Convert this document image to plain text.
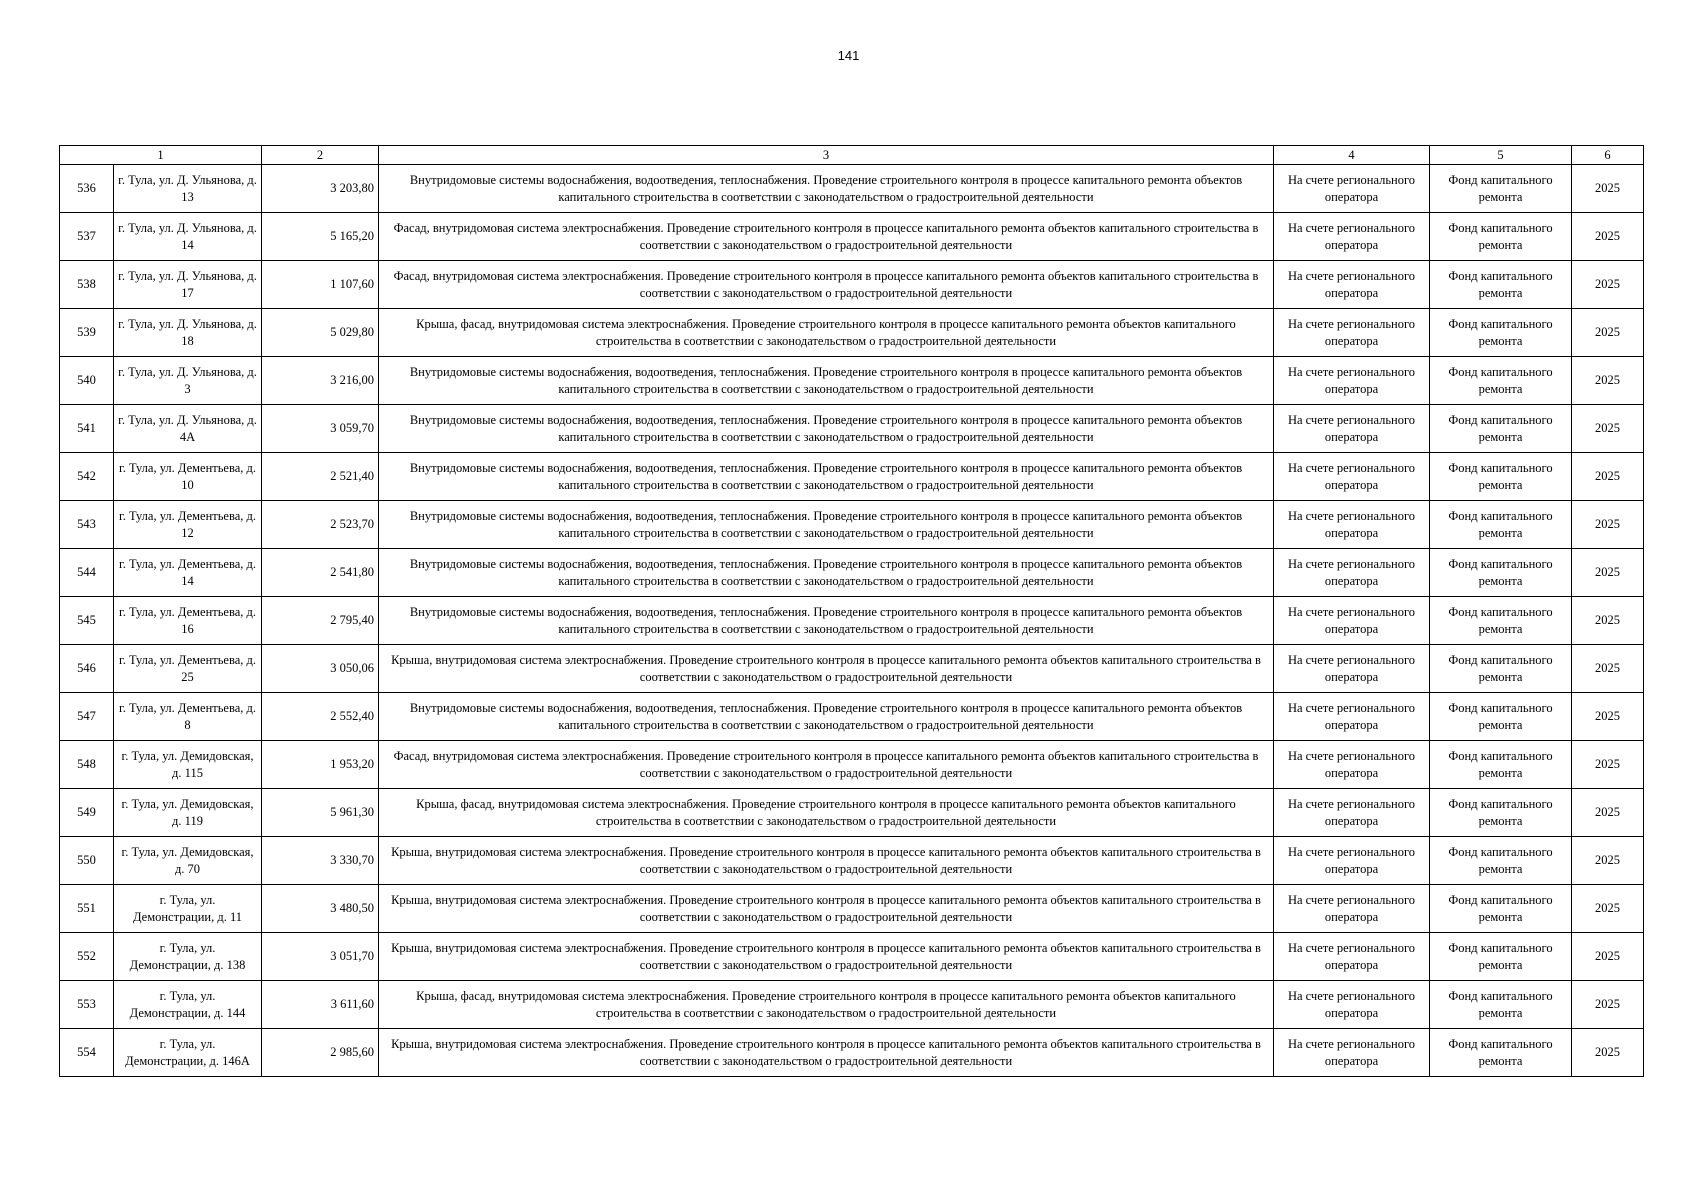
141
1		2	3	4	5	6
536	г. Тула, ул. Д. Ульянова, д. 13	3 203,80	Внутридомовые системы водоснабжения, водоотведения, теплоснабжения. Проведение строительного контроля в процессе капитального ремонта объектов капитального строительства в соответствии с законодательством о градостроительной деятельности	На счете регионального оператора	Фонд капитального ремонта	2025
537	г. Тула, ул. Д. Ульянова, д. 14	5 165,20	Фасад, внутридомовая система электроснабжения. Проведение строительного контроля в процессе капитального ремонта объектов капитального строительства в соответствии с законодательством о градостроительной деятельности	На счете регионального оператора	Фонд капитального ремонта	2025
538	г. Тула, ул. Д. Ульянова, д. 17	1 107,60	Фасад, внутридомовая система электроснабжения. Проведение строительного контроля в процессе капитального ремонта объектов капитального строительства в соответствии с законодательством о градостроительной деятельности	На счете регионального оператора	Фонд капитального ремонта	2025
539	г. Тула, ул. Д. Ульянова, д. 18	5 029,80	Крыша, фасад, внутридомовая система электроснабжения. Проведение строительного контроля в процессе капитального ремонта объектов капитального строительства в соответствии с законодательством о градостроительной деятельности	На счете регионального оператора	Фонд капитального ремонта	2025
540	г. Тула, ул. Д. Ульянова, д. 3	3 216,00	Внутридомовые системы водоснабжения, водоотведения, теплоснабжения. Проведение строительного контроля в процессе капитального ремонта объектов капитального строительства в соответствии с законодательством о градостроительной деятельности	На счете регионального оператора	Фонд капитального ремонта	2025
541	г. Тула, ул. Д. Ульянова, д. 4А	3 059,70	Внутридомовые системы водоснабжения, водоотведения, теплоснабжения. Проведение строительного контроля в процессе капитального ремонта объектов капитального строительства в соответствии с законодательством о градостроительной деятельности	На счете регионального оператора	Фонд капитального ремонта	2025
542	г. Тула, ул. Дементьева, д. 10	2 521,40	Внутридомовые системы водоснабжения, водоотведения, теплоснабжения. Проведение строительного контроля в процессе капитального ремонта объектов капитального строительства в соответствии с законодательством о градостроительной деятельности	На счете регионального оператора	Фонд капитального ремонта	2025
543	г. Тула, ул. Дементьева, д. 12	2 523,70	Внутридомовые системы водоснабжения, водоотведения, теплоснабжения. Проведение строительного контроля в процессе капитального ремонта объектов капитального строительства в соответствии с законодательством о градостроительной деятельности	На счете регионального оператора	Фонд капитального ремонта	2025
544	г. Тула, ул. Дементьева, д. 14	2 541,80	Внутридомовые системы водоснабжения, водоотведения, теплоснабжения. Проведение строительного контроля в процессе капитального ремонта объектов капитального строительства в соответствии с законодательством о градостроительной деятельности	На счете регионального оператора	Фонд капитального ремонта	2025
545	г. Тула, ул. Дементьева, д. 16	2 795,40	Внутридомовые системы водоснабжения, водоотведения, теплоснабжения. Проведение строительного контроля в процессе капитального ремонта объектов капитального строительства в соответствии с законодательством о градостроительной деятельности	На счете регионального оператора	Фонд капитального ремонта	2025
546	г. Тула, ул. Дементьева, д. 25	3 050,06	Крыша, внутридомовая система электроснабжения. Проведение строительного контроля в процессе капитального ремонта объектов капитального строительства в соответствии с законодательством о градостроительной деятельности	На счете регионального оператора	Фонд капитального ремонта	2025
547	г. Тула, ул. Дементьева, д. 8	2 552,40	Внутридомовые системы водоснабжения, водоотведения, теплоснабжения. Проведение строительного контроля в процессе капитального ремонта объектов капитального строительства в соответствии с законодательством о градостроительной деятельности	На счете регионального оператора	Фонд капитального ремонта	2025
548	г. Тула, ул. Демидовская, д. 115	1 953,20	Фасад, внутридомовая система электроснабжения. Проведение строительного контроля в процессе капитального ремонта объектов капитального строительства в соответствии с законодательством о градостроительной деятельности	На счете регионального оператора	Фонд капитального ремонта	2025
549	г. Тула, ул. Демидовская, д. 119	5 961,30	Крыша, фасад, внутридомовая система электроснабжения. Проведение строительного контроля в процессе капитального ремонта объектов капитального строительства в соответствии с законодательством о градостроительной деятельности	На счете регионального оператора	Фонд капитального ремонта	2025
550	г. Тула, ул. Демидовская, д. 70	3 330,70	Крыша, внутридомовая система электроснабжения. Проведение строительного контроля в процессе капитального ремонта объектов капитального строительства в соответствии с законодательством о градостроительной деятельности	На счете регионального оператора	Фонд капитального ремонта	2025
551	г. Тула, ул. Демонстрации, д. 11	3 480,50	Крыша, внутридомовая система электроснабжения. Проведение строительного контроля в процессе капитального ремонта объектов капитального строительства в соответствии с законодательством о градостроительной деятельности	На счете регионального оператора	Фонд капитального ремонта	2025
552	г. Тула, ул. Демонстрации, д. 138	3 051,70	Крыша, внутридомовая система электроснабжения. Проведение строительного контроля в процессе капитального ремонта объектов капитального строительства в соответствии с законодательством о градостроительной деятельности	На счете регионального оператора	Фонд капитального ремонта	2025
553	г. Тула, ул. Демонстрации, д. 144	3 611,60	Крыша, фасад, внутридомовая система электроснабжения. Проведение строительного контроля в процессе капитального ремонта объектов капитального строительства в соответствии с законодательством о градостроительной деятельности	На счете регионального оператора	Фонд капитального ремонта	2025
554	г. Тула, ул. Демонстрации, д. 146А	2 985,60	Крыша, внутридомовая система электроснабжения. Проведение строительного контроля в процессе капитального ремонта объектов капитального строительства в соответствии с законодательством о градостроительной деятельности	На счете регионального оператора	Фонд капитального ремонта	2025
